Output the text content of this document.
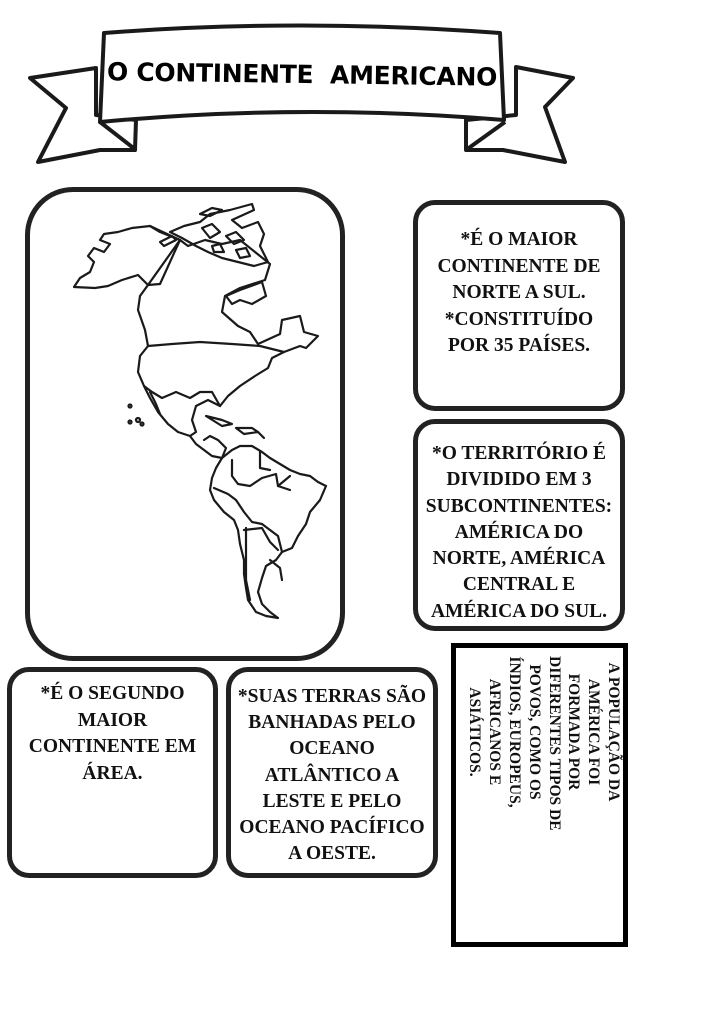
O CONTINENTE  AMERICANO
*É O MAIOR
CONTINENTE DE
NORTE A SUL.
*CONSTITUÍDO
POR 35 PAÍSES.
*O TERRITÓRIO É
DIVIDIDO EM 3
SUBCONTINENTES:
AMÉRICA DO
NORTE, AMÉRICA
CENTRAL E
AMÉRICA DO SUL.
*É O SEGUNDO
MAIOR
CONTINENTE EM
ÁREA.
*SUAS TERRAS SÃO
BANHADAS PELO
OCEANO
ATLÂNTICO A
LESTE E PELO
OCEANO PACÍFICO
A OESTE.
A POPULAÇÃO DA
AMÉRICA FOI
FORMADA POR
DIFERENTES TIPOS DE
POVOS, COMO OS
ÍNDIOS, EUROPEUS,
AFRICANOS E
ASIÁTICOS.
